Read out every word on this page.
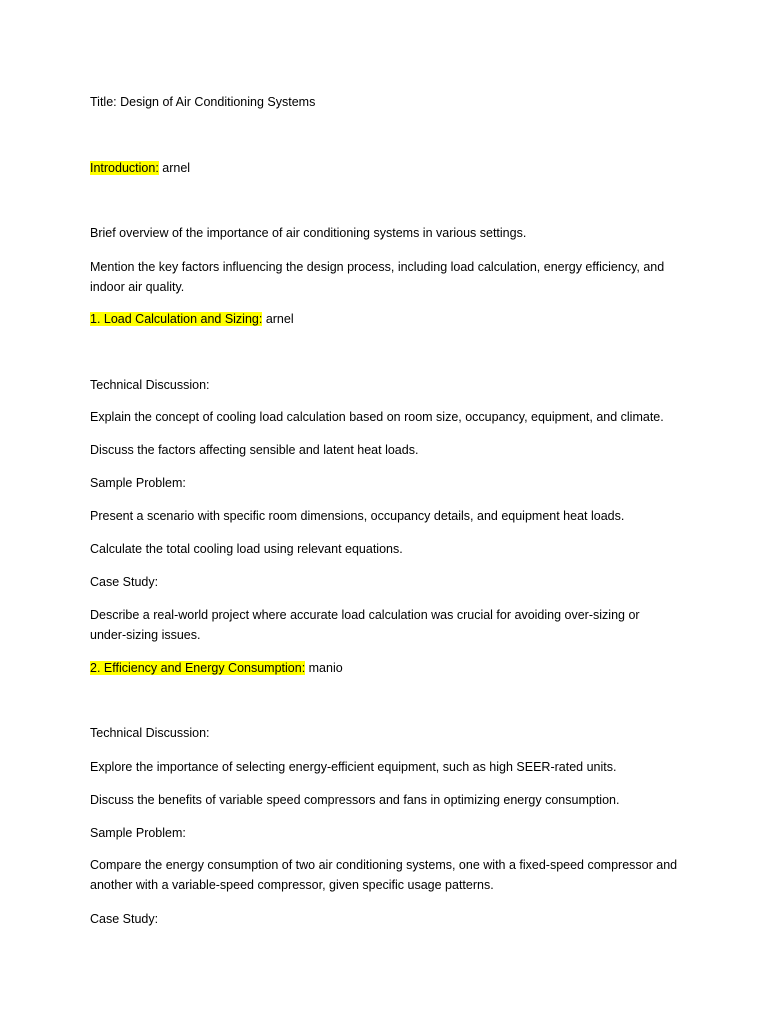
Title: Design of Air Conditioning Systems
Introduction: arnel
Brief overview of the importance of air conditioning systems in various settings.
Mention the key factors influencing the design process, including load calculation, energy efficiency, and indoor air quality.
1. Load Calculation and Sizing: arnel
Technical Discussion:
Explain the concept of cooling load calculation based on room size, occupancy, equipment, and climate.
Discuss the factors affecting sensible and latent heat loads.
Sample Problem:
Present a scenario with specific room dimensions, occupancy details, and equipment heat loads.
Calculate the total cooling load using relevant equations.
Case Study:
Describe a real-world project where accurate load calculation was crucial for avoiding over-sizing or under-sizing issues.
2. Efficiency and Energy Consumption: manio
Technical Discussion:
Explore the importance of selecting energy-efficient equipment, such as high SEER-rated units.
Discuss the benefits of variable speed compressors and fans in optimizing energy consumption.
Sample Problem:
Compare the energy consumption of two air conditioning systems, one with a fixed-speed compressor and another with a variable-speed compressor, given specific usage patterns.
Case Study:
